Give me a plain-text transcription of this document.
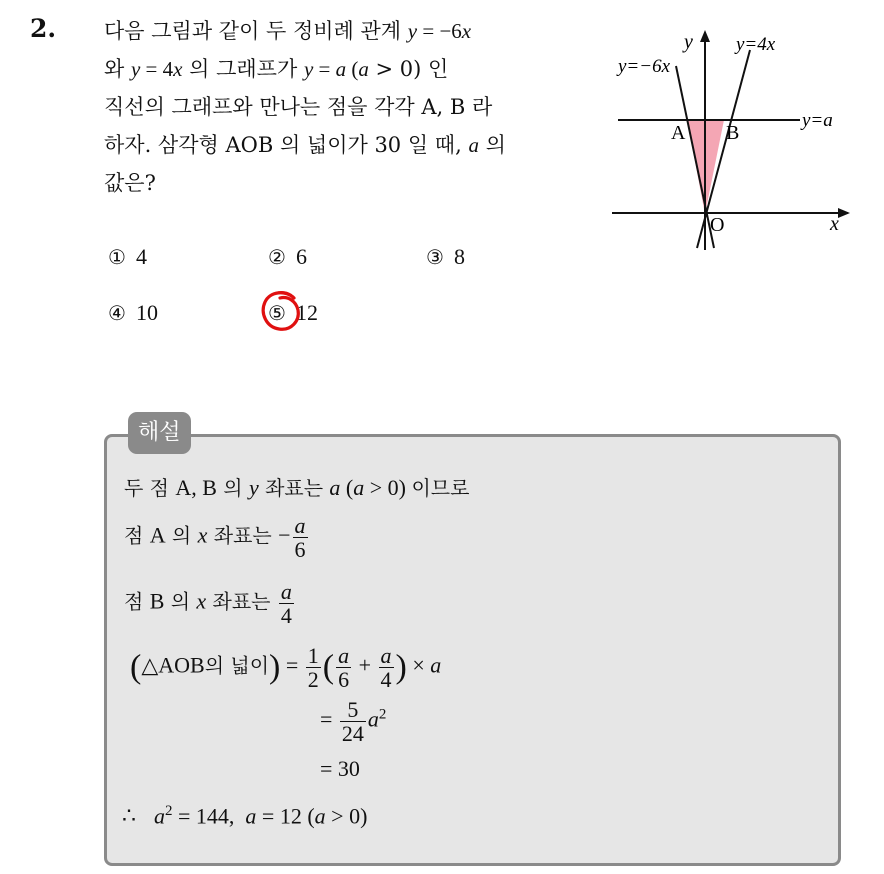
2. 다음 그림과 같이 두 정비례 관계 y = −6x
와 y = 4x 의 그래프가 y = a (a > 0) 인
직선의 그래프와 만나는 점을 각각 A, B 라
하자. 삼각형 AOB 의 넓이가 30 일 때, a 의
값은?
y y=4x
y=−6x
y=a
A B
O	x
① 4	② 6	③ 8
④ 10	⑤ 12
해설
두 점 A, B 의 y 좌표는 a (a > 0) 이므로
점 A 의 x 좌표는 − $\frac{a}{6}$
점 B 의 x 좌표는 $\frac{a}{4}$
(△AOB의 넓이) = $\frac{1}{2}$ ( $\frac{a}{6} + \frac{a}{4}$ ) × a
= $\frac{5}{24} a^2$
= 30
∴ $a^2 = 144$,  a = 12 (a > 0)
